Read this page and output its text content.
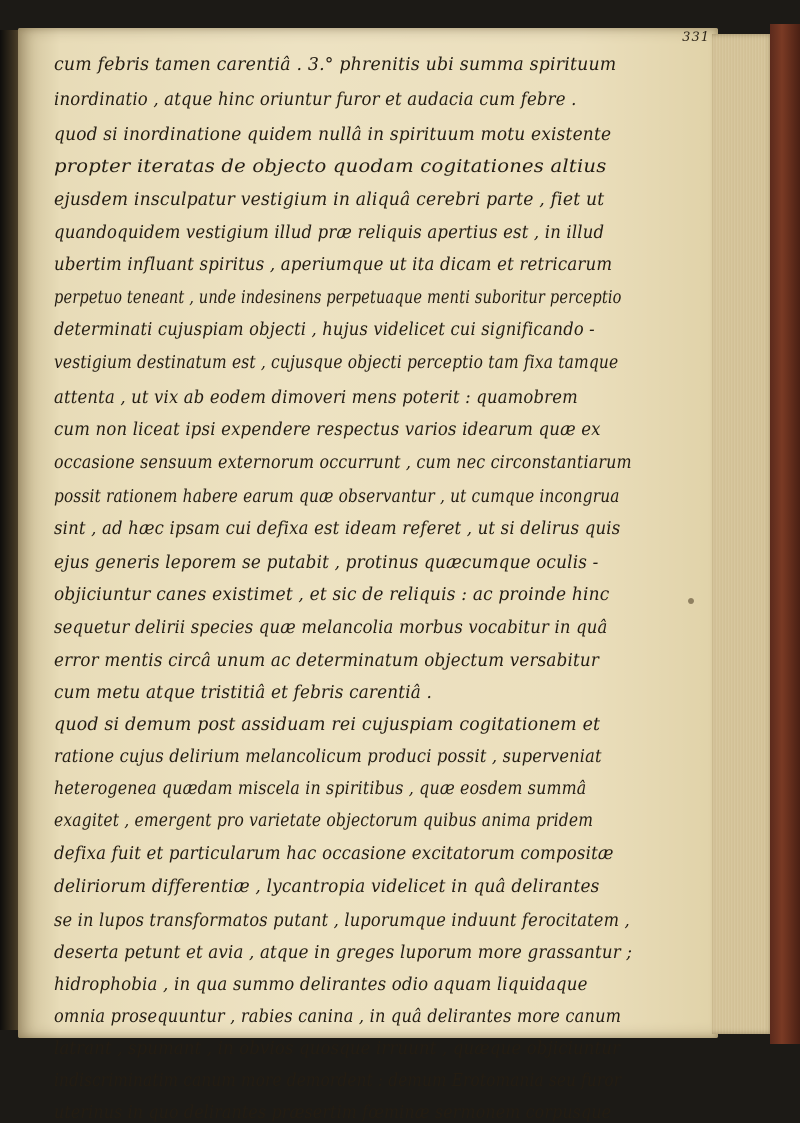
331
cum febris tamen carentiâ . 3.° phrenitis ubi summa spirituum
inordinatio , atque hinc oriuntur furor et audacia cum febre .
quod si inordinatione quidem nullâ in spirituum motu existente
propter iteratas de objecto quodam cogitationes altius
ejusdem insculpatur vestigium in aliquâ cerebri parte , fiet ut
quandoquidem vestigium illud præ reliquis apertius est , in illud
ubertim influant spiritus , aperiumque ut ita dicam et retricarum
perpetuo teneant , unde indesinens perpetuaque menti suboritur perceptio
determinati cujuspiam objecti , hujus videlicet cui significando -
vestigium destinatum est , cujusque objecti perceptio tam fixa tamque
attenta , ut vix ab eodem dimoveri mens poterit : quamobrem
cum non liceat ipsi expendere respectus varios idearum quæ ex
occasione sensuum externorum occurrunt , cum nec circonstantiarum
possit rationem habere earum quæ observantur , ut cumque incongrua
sint , ad hæc ipsam cui defixa est ideam referet , ut si delirus quis
ejus generis leporem se putabit , protinus quæcumque oculis -
objiciuntur canes existimet , et sic de reliquis : ac proinde hinc
sequetur delirii species quæ melancolia morbus vocabitur in quâ
error mentis circâ unum ac determinatum objectum versabitur
cum metu atque tristitiâ et febris carentiâ .
quod si demum post assiduam rei cujuspiam cogitationem et
ratione cujus delirium melancolicum produci possit , superveniat
heterogenea quædam miscela in spiritibus , quæ eosdem summâ
exagitet , emergent pro varietate objectorum quibus anima pridem
defixa fuit et particularum hac occasione excitatorum compositæ
deliriorum differentiæ , lycantropia videlicet in quâ delirantes
se in lupos transformatos putant , luporumque induunt ferocitatem ,
deserta petunt et avia , atque in greges luporum more grassantur ;
hidrophobia , in qua summo delirantes odio aquam liquidaque
omnia prosequuntur , rabies canina , in quâ delirantes more canum
latrant , spumant , in obvios quosque irruunt , quæque objiciuntur
indiscriminatim canum more demordent : demum Erotomania seu furor
uterinus in quo delirantes præsertim fœminæ sermonem corpusque
